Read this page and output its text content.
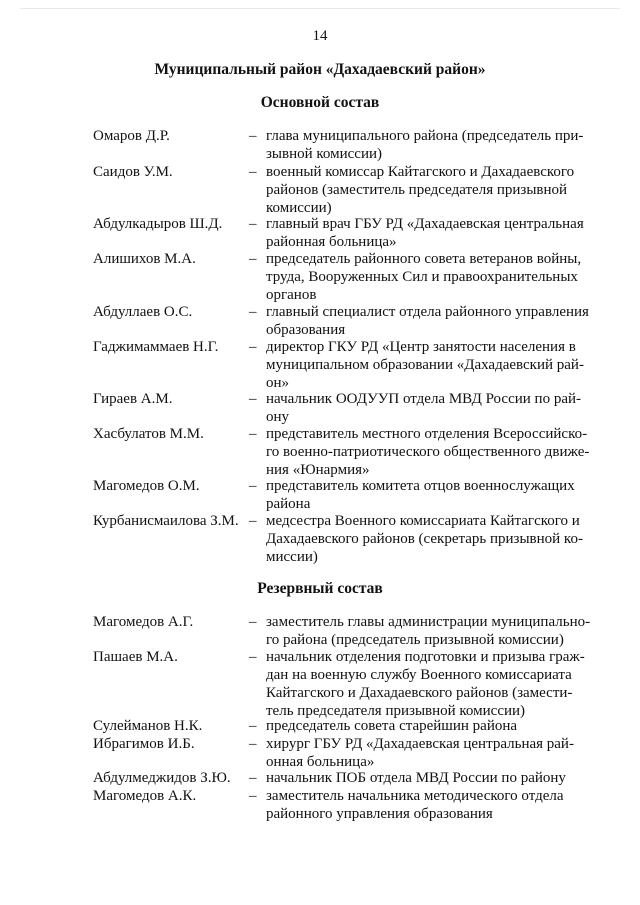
14
Муниципальный район «Дахадаевский район»
Основной состав
Омаров Д.Р.	– глава муниципального района (председатель при-
зывной комиссии)
Саидов У.М.	– военный комиссар Кайтагского и Дахадаевского
районов (заместитель председателя призывной
комиссии)
Абдулкадыров Ш.Д. – главный врач ГБУ РД «Дахадаевская центральная
районная больница»
Алишихов М.А.	– председатель районного совета ветеранов войны,
труда, Вооруженных Сил и правоохранительных
органов
Абдуллаев О.С.	– главный специалист отдела районного управления
образования
Гаджимаммаев Н.Г. – директор ГКУ РД «Центр занятости населения в
муниципальном образовании «Дахадаевский рай-
он»
Гираев А.М.	– начальник ООДУУП отдела МВД России по рай-
ону
Хасбулатов М.М.	– представитель местного отделения Всероссийско-
го военно-патриотического общественного движе-
ния «Юнармия»
Магомедов О.М.	– представитель комитета отцов военнослужащих
района
Курбанисмаилова З.М. – медсестра Военного комиссариата Кайтагского и
Дахадаевского районов (секретарь призывной ко-
миссии)
Резервный состав
Магомедов А.Г.	– заместитель главы администрации муниципально-
го района (председатель призывной комиссии)
Пашаев М.А.	– начальник отделения подготовки и призыва граж-
дан на военную службу Военного комиссариата
Кайтагского и Дахадаевского районов (замести-
тель председателя призывной комиссии)
Сулейманов Н.К.	– председатель совета старейшин района
Ибрагимов И.Б.	– хирург ГБУ РД «Дахадаевская центральная рай-
онная больница»
Абдулмеджидов З.Ю. – начальник ПОБ отдела МВД России по району
Магомедов А.К.	– заместитель начальника методического отдела
районного управления образования
